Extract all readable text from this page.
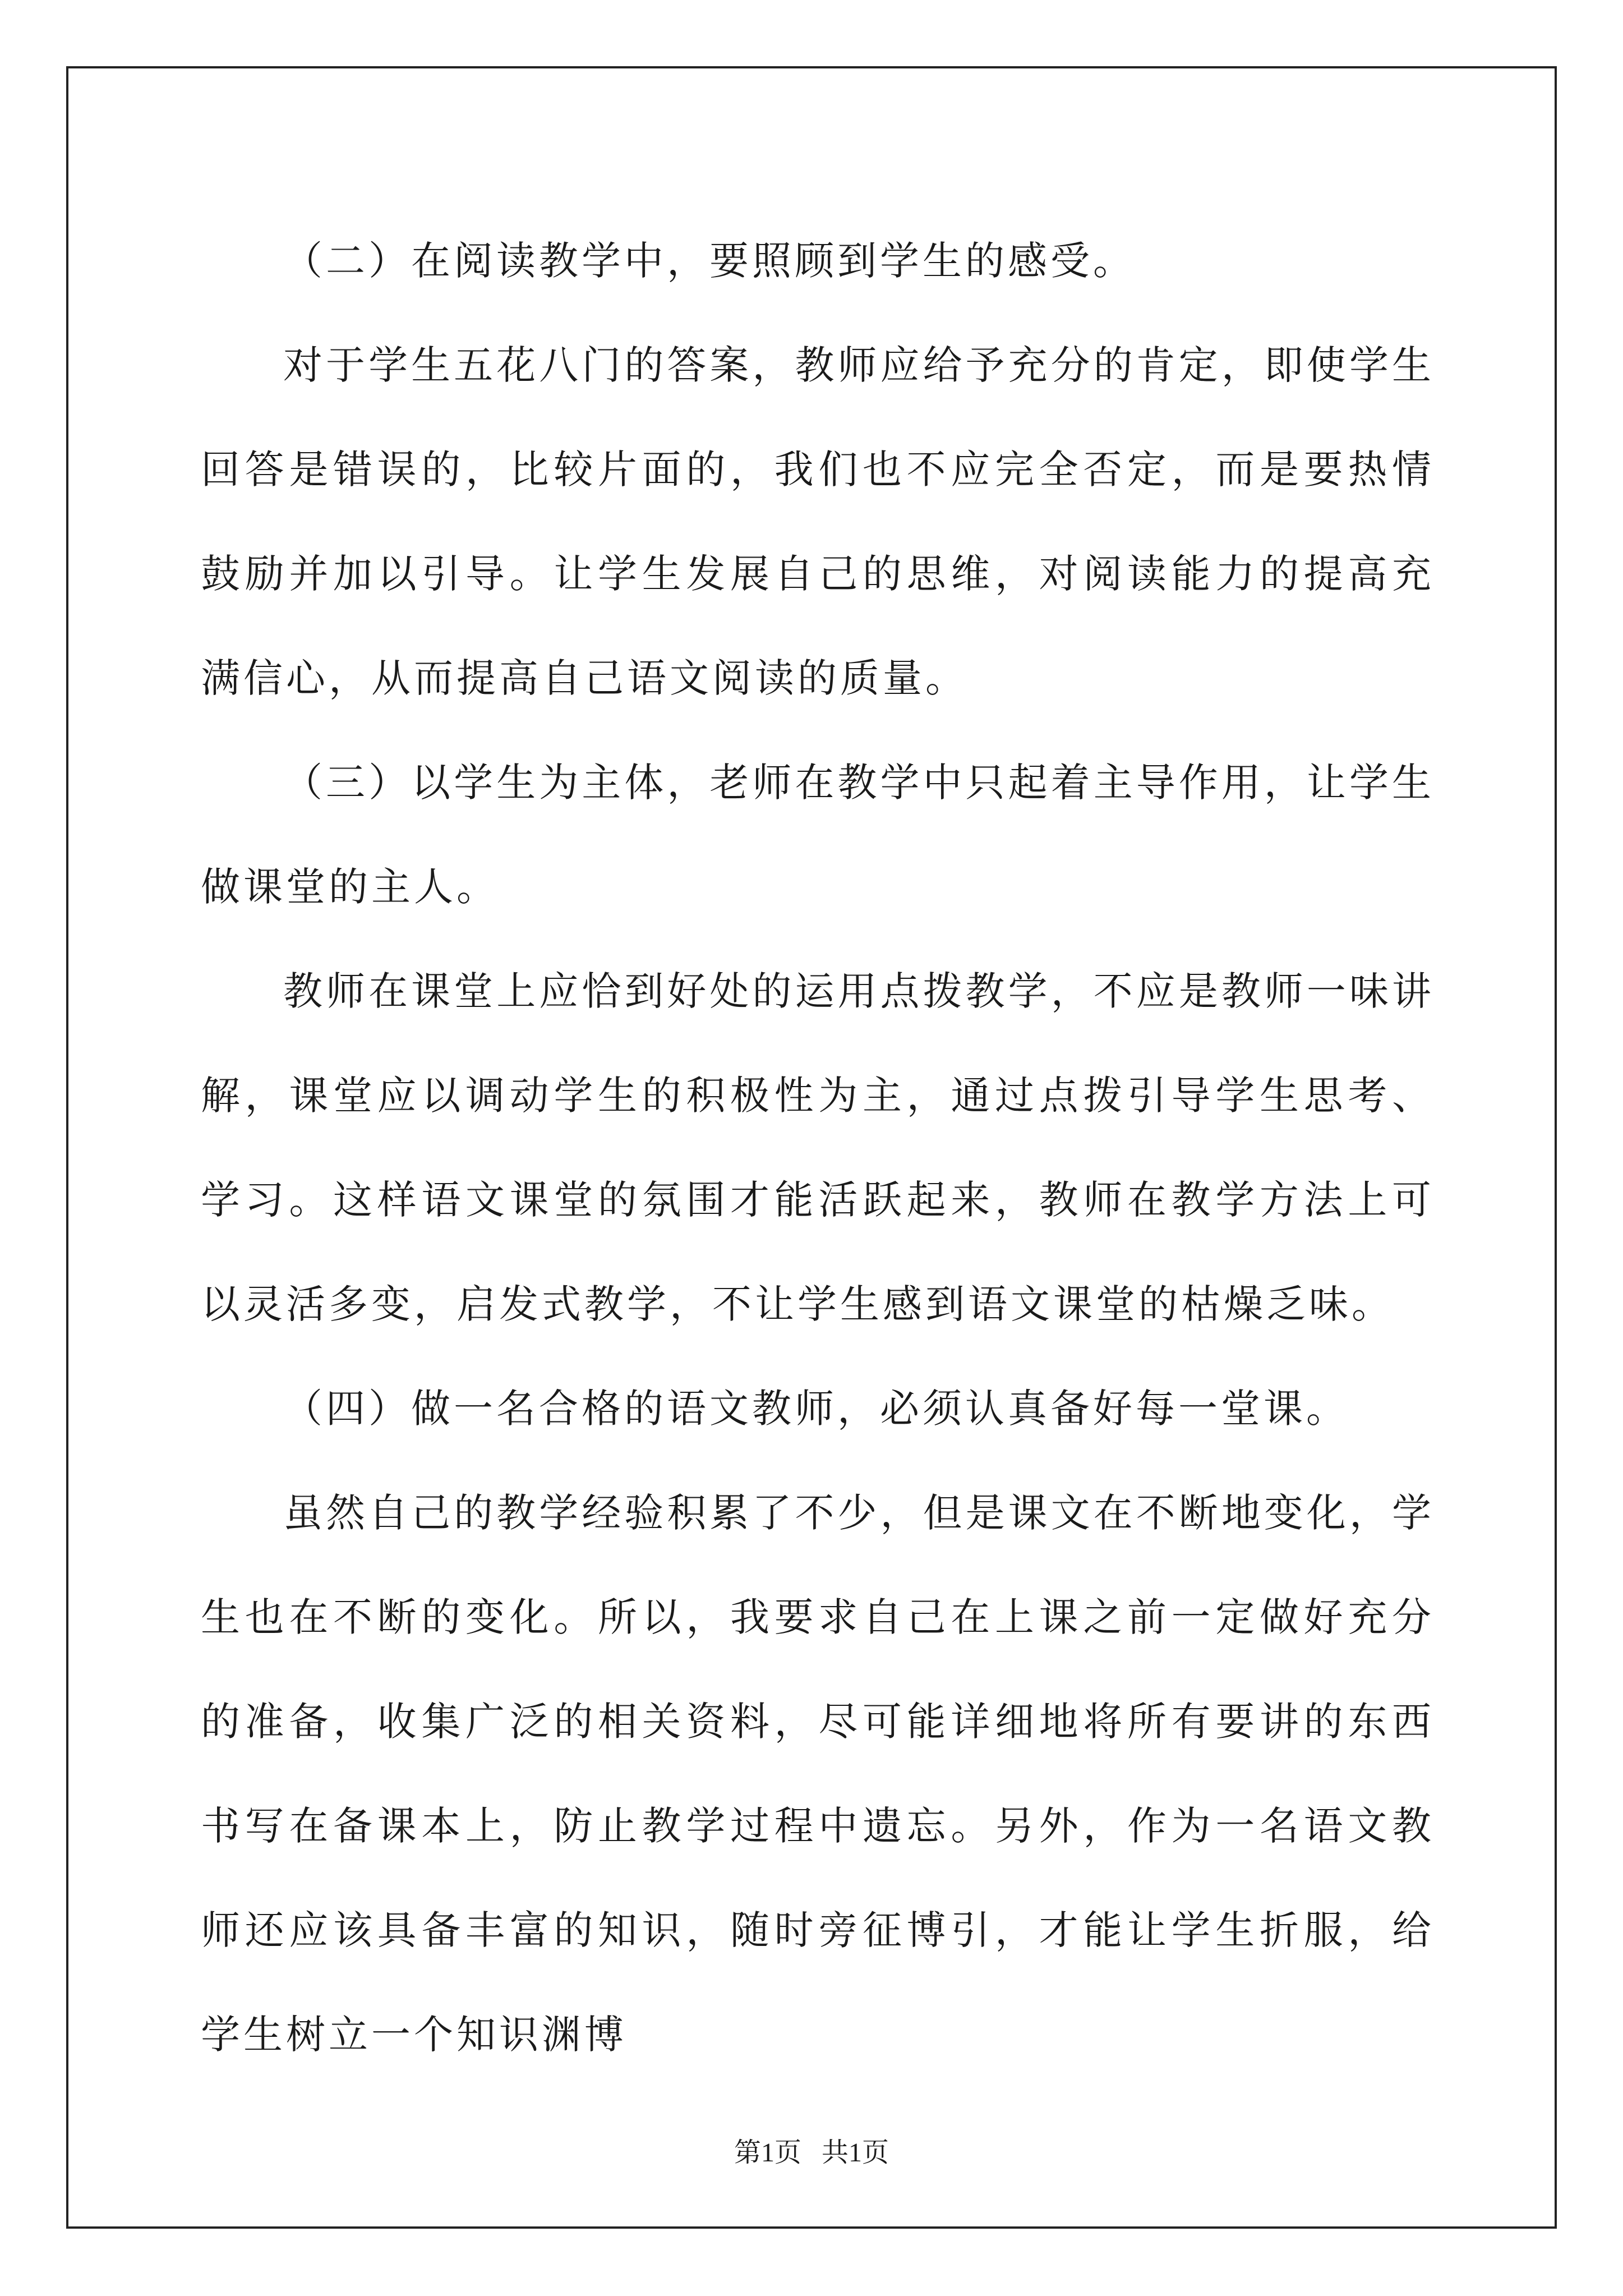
（二）在阅读教学中，要照顾到学生的感受。

对于学生五花八门的答案，教师应给予充分的肯定，即使学生回答是错误的，比较片面的，我们也不应完全否定，而是要热情鼓励并加以引导。让学生发展自己的思维，对阅读能力的提高充满信心，从而提高自己语文阅读的质量。

（三）以学生为主体，老师在教学中只起着主导作用，让学生做课堂的主人。

教师在课堂上应恰到好处的运用点拨教学，不应是教师一味讲解，课堂应以调动学生的积极性为主，通过点拨引导学生思考、学习。这样语文课堂的氛围才能活跃起来，教师在教学方法上可以灵活多变，启发式教学，不让学生感到语文课堂的枯燥乏味。

（四）做一名合格的语文教师，必须认真备好每一堂课。

虽然自己的教学经验积累了不少，但是课文在不断地变化，学生也在不断的变化。所以，我要求自己在上课之前一定做好充分的准备，收集广泛的相关资料，尽可能详细地将所有要讲的东西书写在备课本上，防止教学过程中遗忘。另外，作为一名语文教师还应该具备丰富的知识，随时旁征博引，才能让学生折服，给学生树立一个知识渊博

第1页 共1页
